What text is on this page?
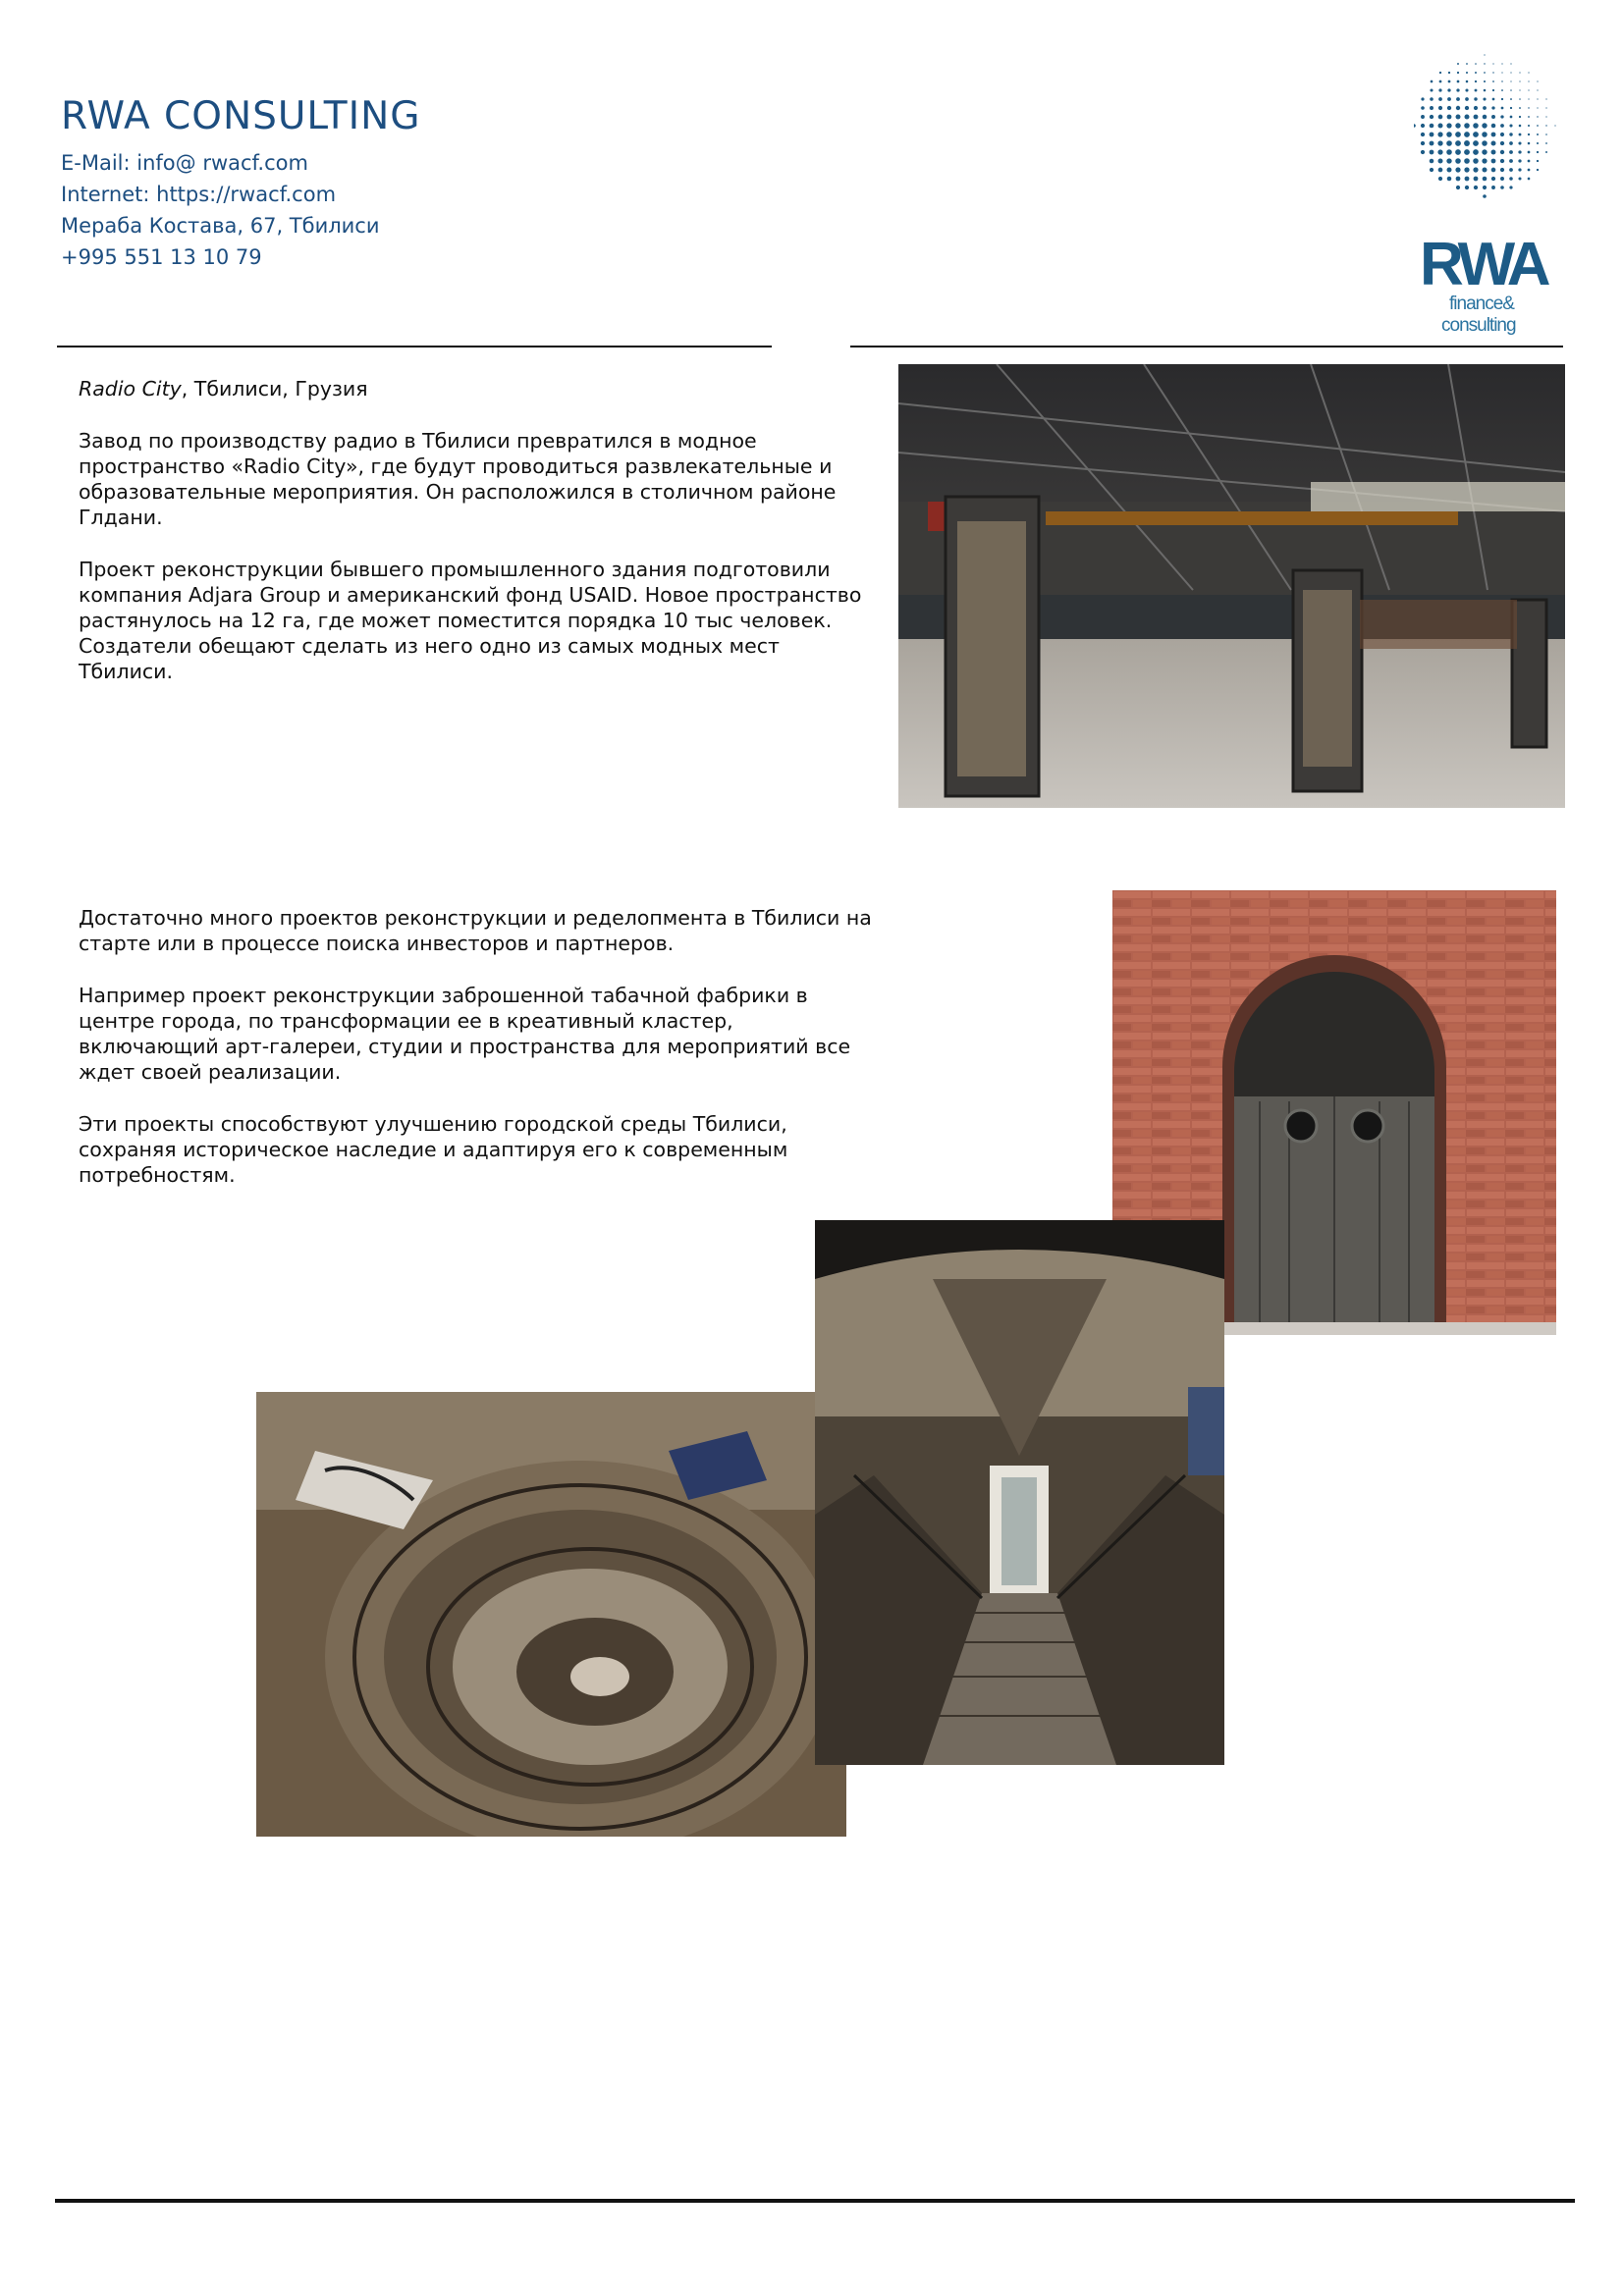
RWA CONSULTING
E-Mail: info@ rwacf.com
Internet: https://rwacf.com
Мераба Костава, 67, Тбилиси
+995 551 13 10 79	RWA
finance&
consulting
Radio City, Тбилиси, Грузия

Завод по производству радио в Тбилиси превратился в модное пространство «Radio City», где будут проводиться развлекательные и образовательные мероприятия. Он расположился в столичном районе Глдани.

Проект реконструкции бывшего промышленного здания подготовили компания Adjara Group и американский фонд USAID. Новое пространство растянулось на 12 га, где может поместится порядка 10 тыс человек. Создатели обещают сделать из него одно из самых модных мест Тбилиси.

Достаточно много проектов реконструкции и ределопмента в Тбилиси на старте или в процессе поиска инвесторов и партнеров.

Например проект реконструкции заброшенной табачной фабрики в центре города, по трансформации ее в креативный кластер, включающий арт-галереи, студии и пространства для мероприятий все ждет своей реализации.

Эти проекты способствуют улучшению городской среды Тбилиси, сохраняя историческое наследие и адаптируя его к современным потребностям.
